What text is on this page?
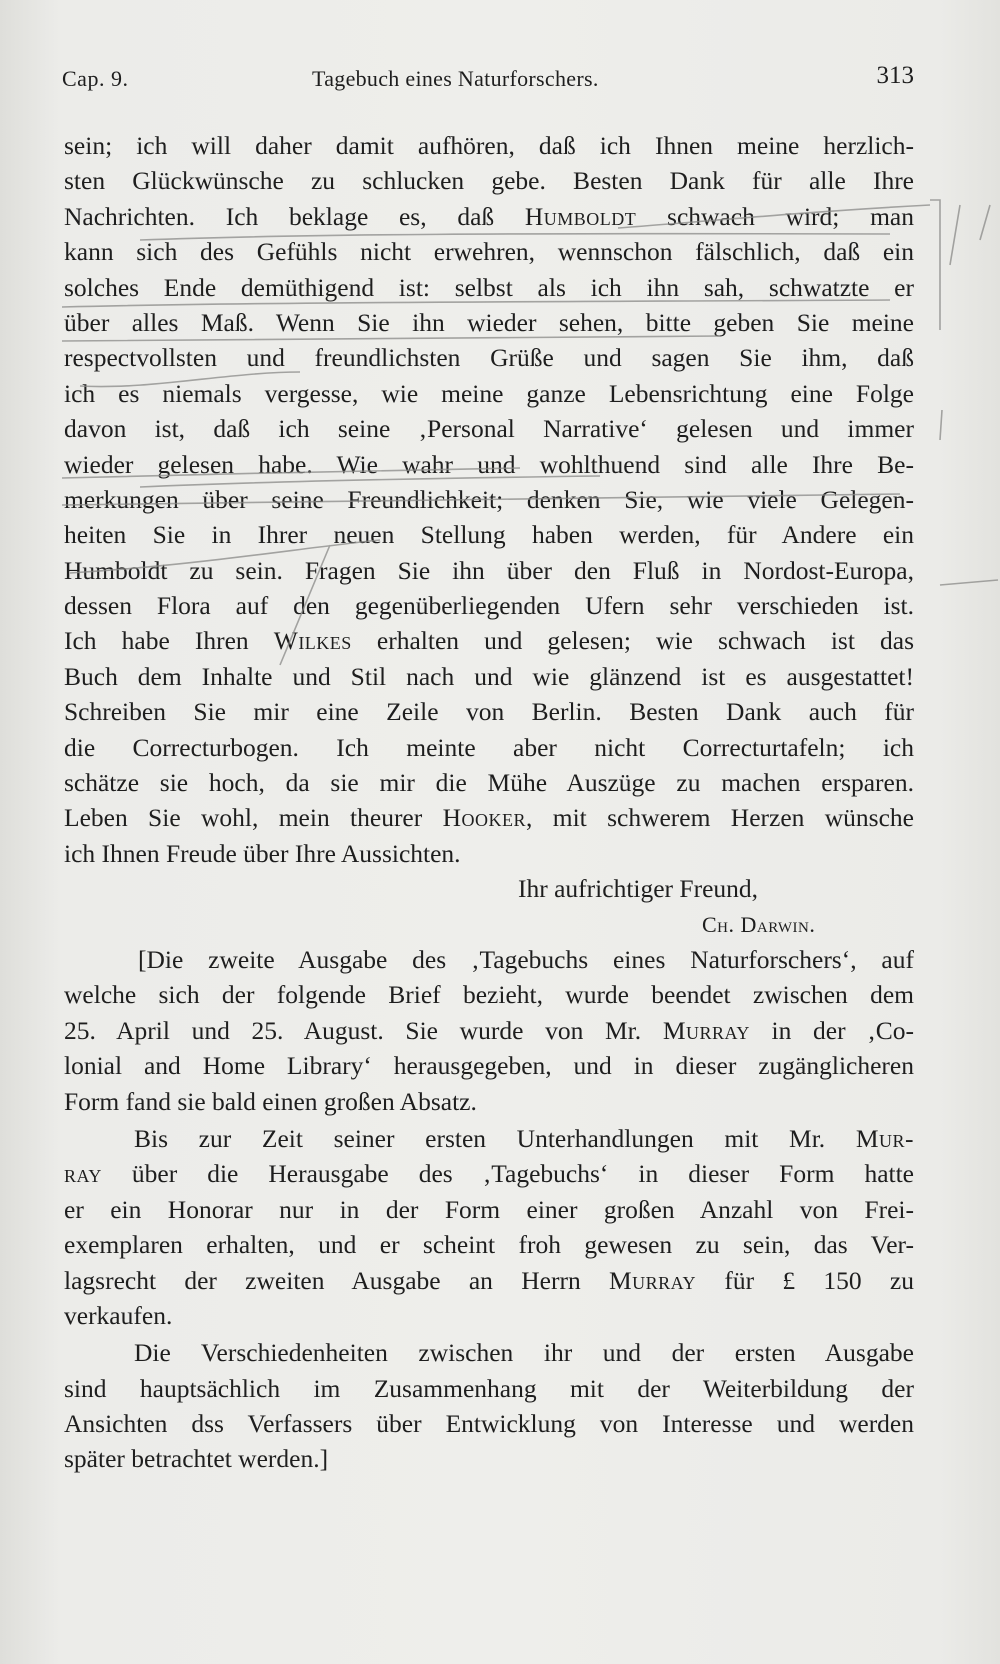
Cap. 9.	Tagebuch eines Naturforschers.	313
sein; ich will daher damit aufhören, daß ich Ihnen meine herzlich-
sten Glückwünsche zu schlucken gebe. Besten Dank für alle Ihre
Nachrichten. Ich beklage es, daß Humboldt schwach wird; man
kann sich des Gefühls nicht erwehren, wennschon fälschlich, daß ein
solches Ende demüthigend ist: selbst als ich ihn sah, schwatzte er
über alles Maß. Wenn Sie ihn wieder sehen, bitte geben Sie meine
respectvollsten und freundlichsten Grüße und sagen Sie ihm, daß
ich es niemals vergesse, wie meine ganze Lebensrichtung eine Folge
davon ist, daß ich seine ‚Personal Narrative‘ gelesen und immer
wieder gelesen habe. Wie wahr und wohlthuend sind alle Ihre Be-
merkungen über seine Freundlichkeit; denken Sie, wie viele Gelegen-
heiten Sie in Ihrer neuen Stellung haben werden, für Andere ein
Humboldt zu sein. Fragen Sie ihn über den Fluß in Nordost-Europa,
dessen Flora auf den gegenüberliegenden Ufern sehr verschieden ist.
Ich habe Ihren Wilkes erhalten und gelesen; wie schwach ist das
Buch dem Inhalte und Stil nach und wie glänzend ist es ausgestattet!
Schreiben Sie mir eine Zeile von Berlin. Besten Dank auch für
die Correcturbogen. Ich meinte aber nicht Correcturtafeln; ich
schätze sie hoch, da sie mir die Mühe Auszüge zu machen ersparen.
Leben Sie wohl, mein theurer Hooker, mit schwerem Herzen wünsche
ich Ihnen Freude über Ihre Aussichten.
Ihr aufrichtiger Freund,
Ch. Darwin.
[Die zweite Ausgabe des ‚Tagebuchs eines Naturforschers‘, auf
welche sich der folgende Brief bezieht, wurde beendet zwischen dem
25. April und 25. August. Sie wurde von Mr. Murray in der ‚Co-
lonial and Home Library‘ herausgegeben, und in dieser zugänglicheren
Form fand sie bald einen großen Absatz.
Bis zur Zeit seiner ersten Unterhandlungen mit Mr. Mur-
ray über die Herausgabe des ‚Tagebuchs‘ in dieser Form hatte
er ein Honorar nur in der Form einer großen Anzahl von Frei-
exemplaren erhalten, und er scheint froh gewesen zu sein, das Ver-
lagsrecht der zweiten Ausgabe an Herrn Murray für £ 150 zu
verkaufen.
Die Verschiedenheiten zwischen ihr und der ersten Ausgabe
sind hauptsächlich im Zusammenhang mit der Weiterbildung der
Ansichten dss Verfassers über Entwicklung von Interesse und werden
später betrachtet werden.]
